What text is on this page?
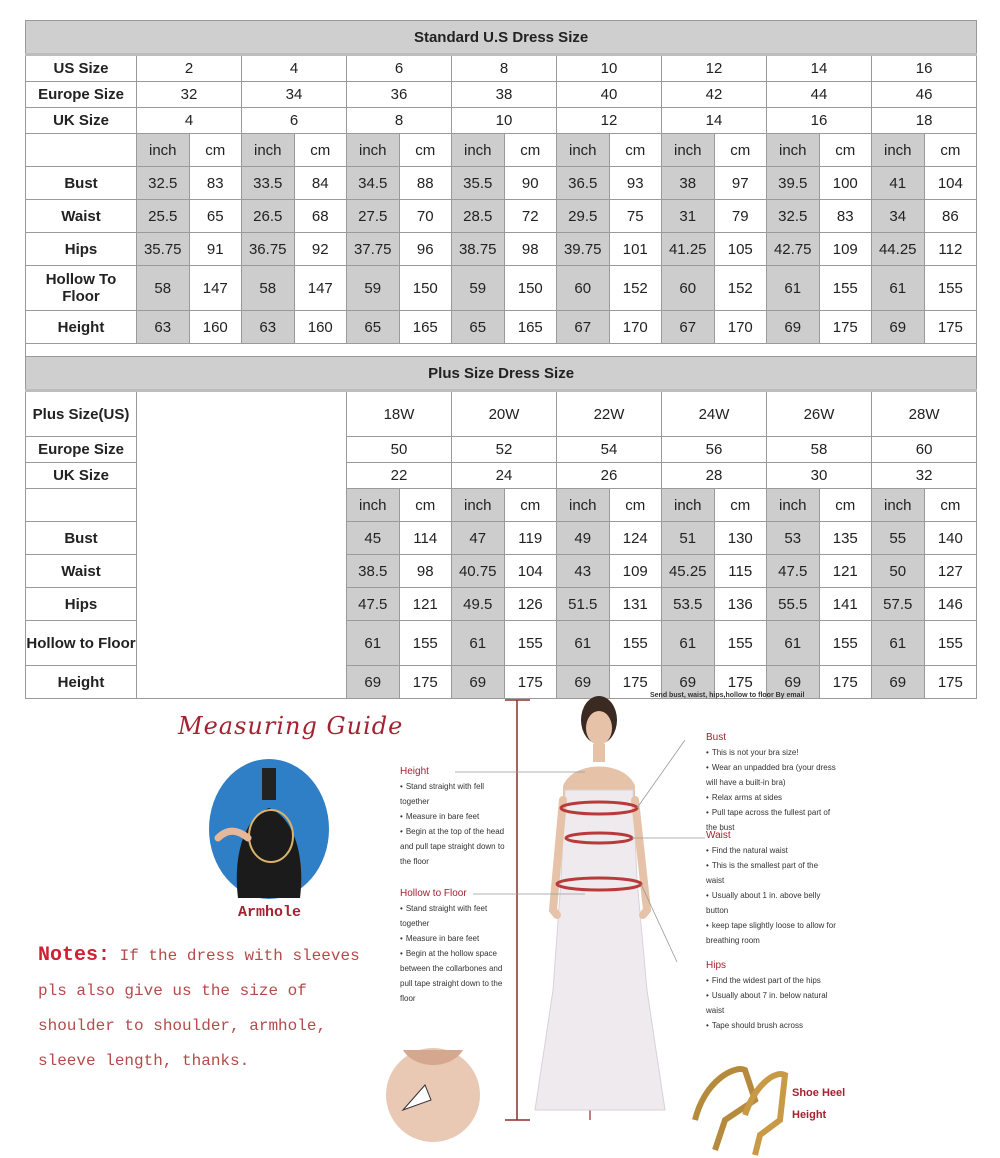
Standard U.S Dress Size																
US Size	2		4		6		8		10		12		14		16	
Europe Size	32		34		36		38		40		42		44		46	
UK Size	4		6		8		10		12		14		16		18	
	inch	cm	inch	cm	inch	cm	inch	cm	inch	cm	inch	cm	inch	cm	inch	cm
Bust	32.5	83	33.5	84	34.5	88	35.5	90	36.5	93	38	97	39.5	100	41	104
Waist	25.5	65	26.5	68	27.5	70	28.5	72	29.5	75	31	79	32.5	83	34	86
Hips	35.75	91	36.75	92	37.75	96	38.75	98	39.75	101	41.25	105	42.75	109	44.25	112
Hollow To Floor	58	147	58	147	59	150	59	150	60	152	60	152	61	155	61	155
Height	63	160	63	160	65	165	65	165	67	170	67	170	69	175	69	175

Plus Size Dress Size																
Plus Size(US)					18W		20W		22W		24W		26W		28W	
Europe Size					50		52		54		56		58		60	
UK Size					22		24		26		28		30		32	
					inch	cm	inch	cm	inch	cm	inch	cm	inch	cm	inch	cm
Bust					45	114	47	119	49	124	51	130	53	135	55	140
Waist					38.5	98	40.75	104	43	109	45.25	115	47.5	121	50	127
Hips					47.5	121	49.5	126	51.5	131	53.5	136	55.5	141	57.5	146
Hollow to Floor					61	155	61	155	61	155	61	155	61	155	61	155
Height					69	175	69	175	69	175	69	175	69	175	69	175
Measuring Guide
Armhole
Notes: If the dress with sleeves pls also give us the size of shoulder to shoulder, armhole, sleeve length, thanks.
Send bust, waist, hips,hollow to floor By email
Height
• Stand straight with fell together
• Measure in bare feet
• Begin at the top of the head and pull tape straight down to the floor
Hollow to Floor
• Stand straight with feet together
• Measure in bare feet
• Begin at the hollow space between the collarbones and pull tape straight down to the floor
Bust
• This is not your bra size!
• Wear an unpadded bra (your dress will have a built-in bra)
• Relax arms at sides
• Pull tape across the fullest part of the bust
Waist
• Find the natural waist
• This is the smallest part of the waist
• Usually about 1 in. above belly button
• keep tape slightly loose to allow for breathing room
Hips
• Find the widest part of the hips
• Usually about 7 in. below natural waist
• Tape should brush across
Shoe Heel
Height
